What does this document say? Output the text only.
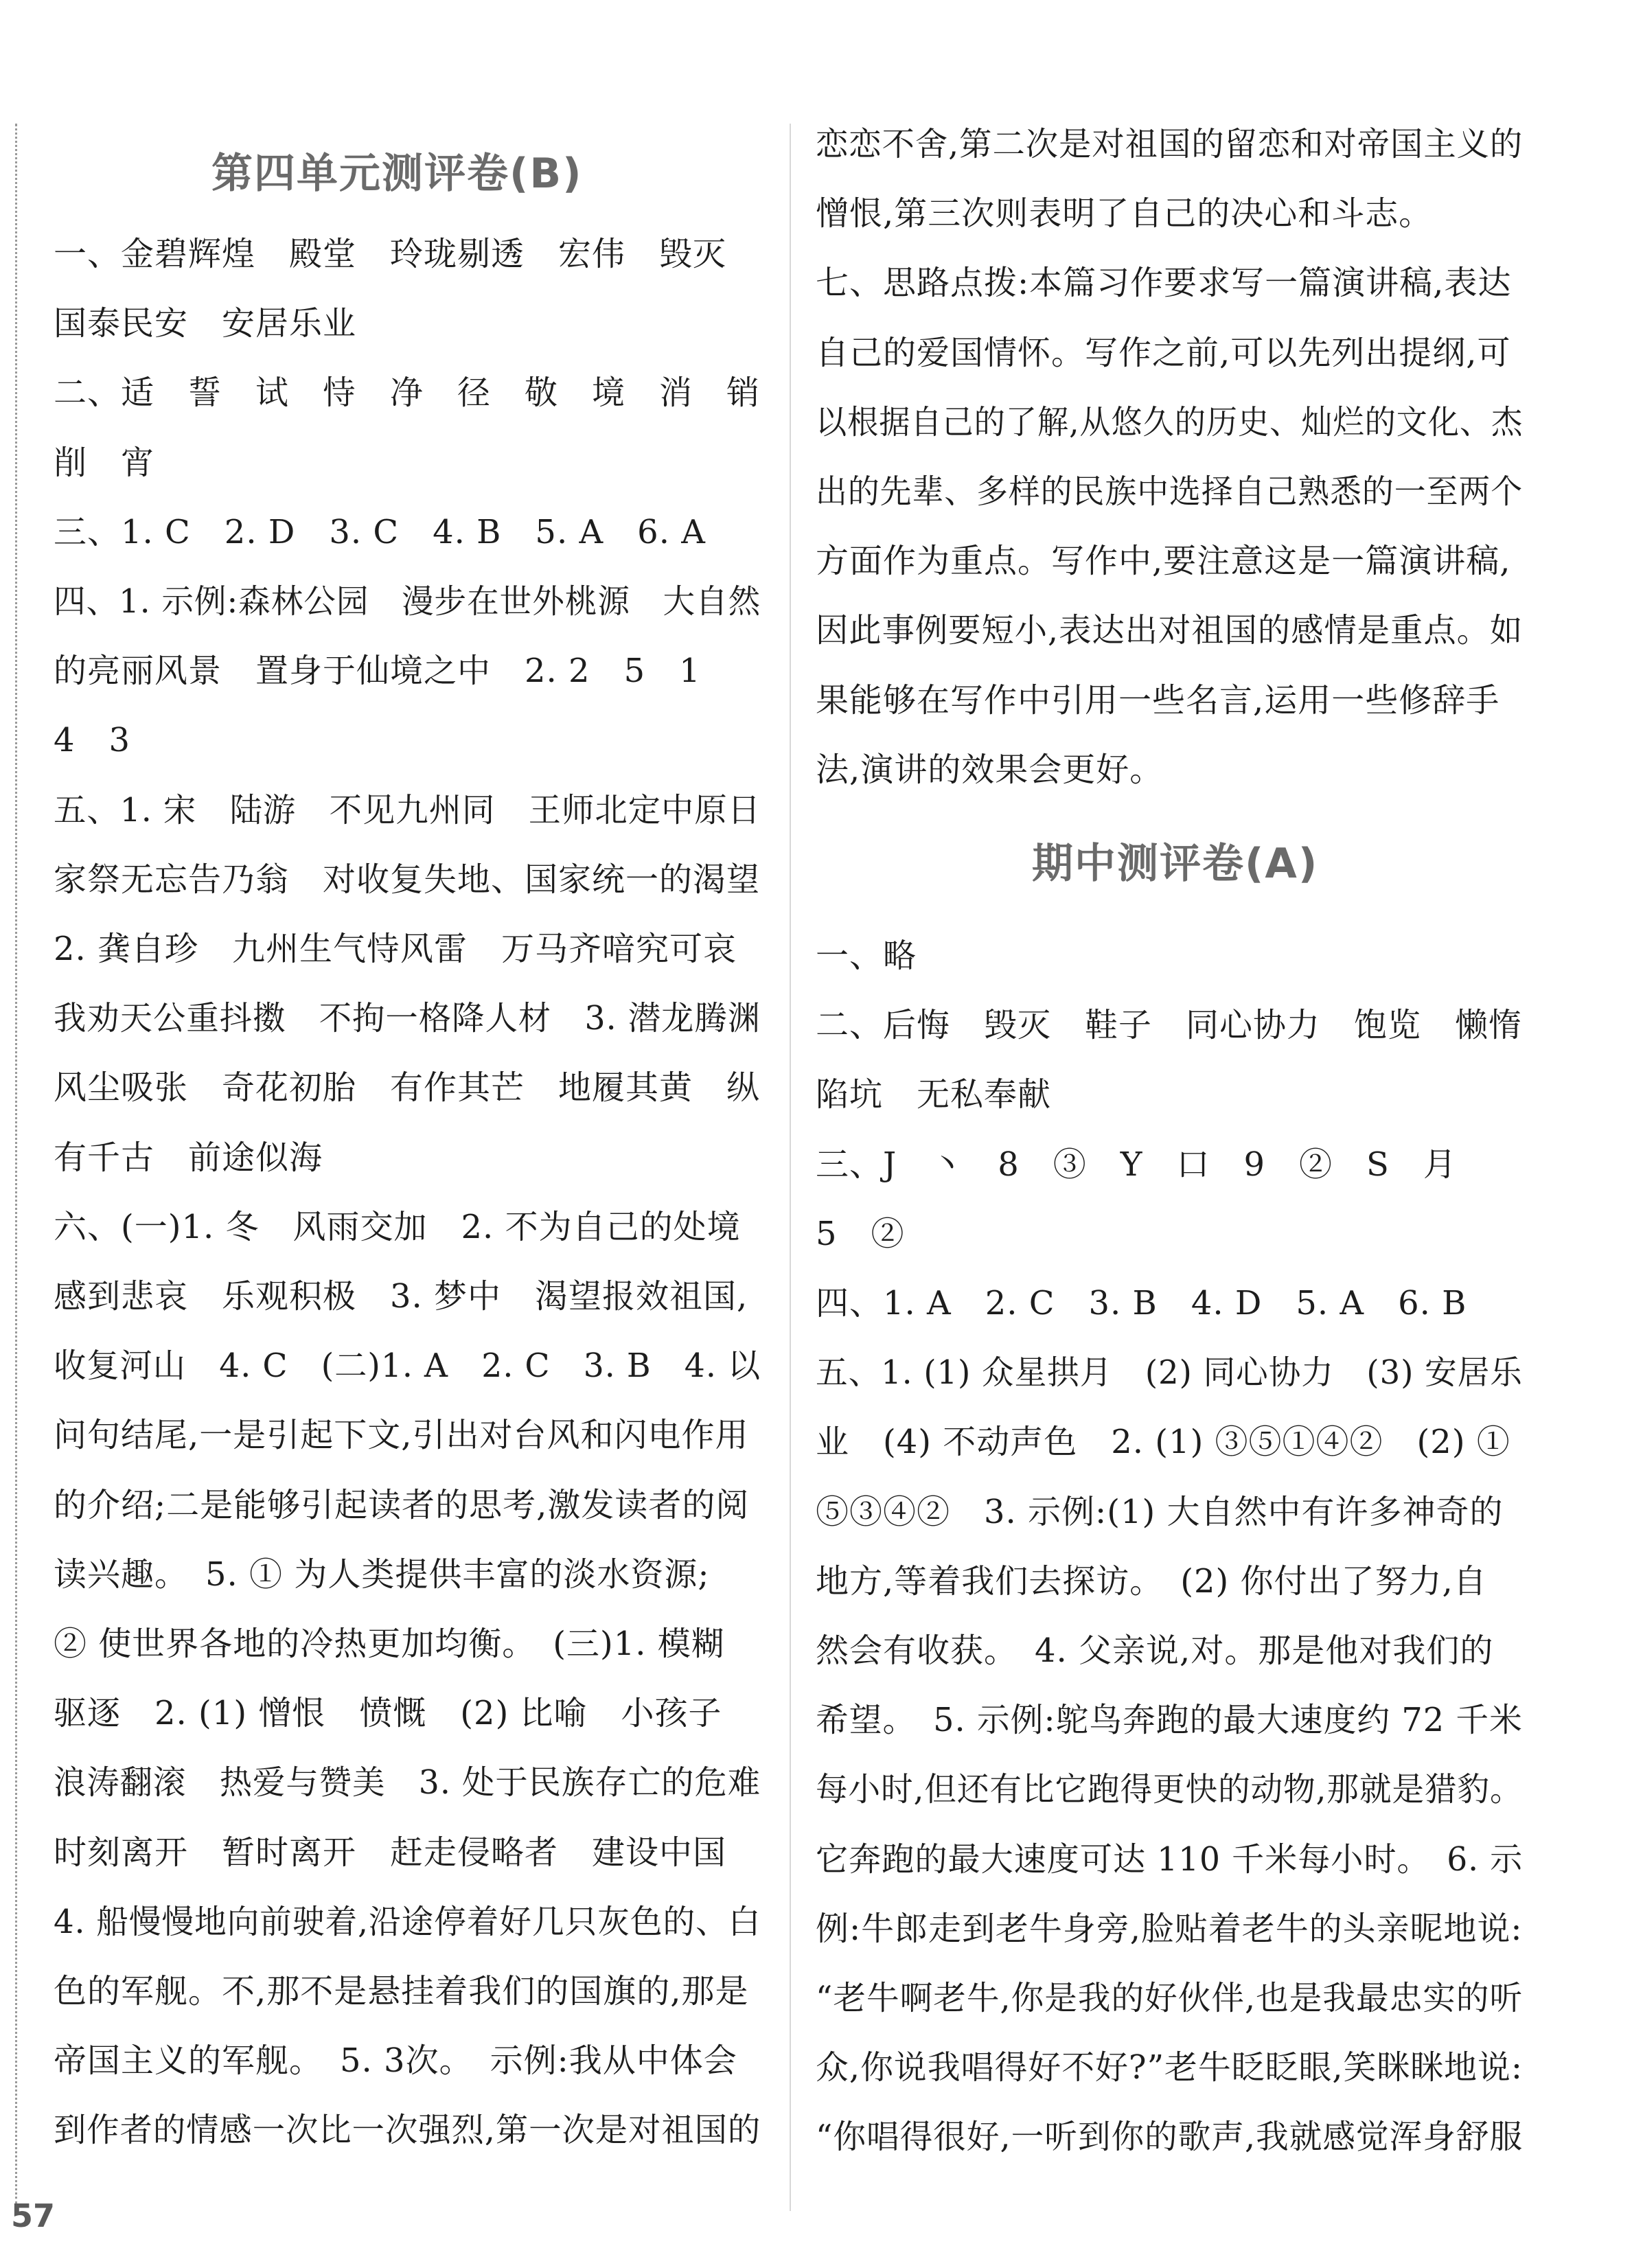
第四单元测评卷(B)
一、金碧辉煌　殿堂　玲珑剔透　宏伟　毁灭
国泰民安　安居乐业
二、适　誓　试　恃　净　径　敬　境　消　销
削　宵
三、1. C　2. D　3. C　4. B　5. A　6. A
四、1. 示例:森林公园　漫步在世外桃源　大自然
的亮丽风景　置身于仙境之中　2. 2　5　1
4　3
五、1. 宋　陆游　不见九州同　王师北定中原日
家祭无忘告乃翁　对收复失地、国家统一的渴望
2. 龚自珍　九州生气恃风雷　万马齐喑究可哀
我劝天公重抖擞　不拘一格降人材　3. 潜龙腾渊
风尘吸张　奇花初胎　有作其芒　地履其黄　纵
有千古　前途似海
六、(一)1. 冬　风雨交加　2. 不为自己的处境
感到悲哀　乐观积极　3. 梦中　渴望报效祖国,
收复河山　4. C　(二)1. A　2. C　3. B　4. 以
问句结尾,一是引起下文,引出对台风和闪电作用
的介绍;二是能够引起读者的思考,激发读者的阅
读兴趣。　5. ① 为人类提供丰富的淡水资源;
② 使世界各地的冷热更加均衡。　(三)1. 模糊
驱逐　2. (1) 憎恨　愤慨　(2) 比喻　小孩子
浪涛翻滚　热爱与赞美　3. 处于民族存亡的危难
时刻离开　暂时离开　赶走侵略者　建设中国
4. 船慢慢地向前驶着,沿途停着好几只灰色的、白
色的军舰。不,那不是悬挂着我们的国旗的,那是
帝国主义的军舰。　5. 3次。　示例:我从中体会
到作者的情感一次比一次强烈,第一次是对祖国的
期中测评卷(A)
恋恋不舍,第二次是对祖国的留恋和对帝国主义的
憎恨,第三次则表明了自己的决心和斗志。
七、思路点拨:本篇习作要求写一篇演讲稿,表达
自己的爱国情怀。写作之前,可以先列出提纲,可
以根据自己的了解,从悠久的历史、灿烂的文化、杰
出的先辈、多样的民族中选择自己熟悉的一至两个
方面作为重点。写作中,要注意这是一篇演讲稿,
因此事例要短小,表达出对祖国的感情是重点。如
果能够在写作中引用一些名言,运用一些修辞手
法,演讲的效果会更好。
一、略
二、后悔　毁灭　鞋子　同心协力　饱览　懒惰
陷坑　无私奉献
三、J　丶　8　③　Y　口　9　②　S　月
5　②
四、1. A　2. C　3. B　4. D　5. A　6. B
五、1. (1) 众星拱月　(2) 同心协力　(3) 安居乐
业　(4) 不动声色　2. (1) ③⑤①④②　(2) ①
⑤③④②　3. 示例:(1) 大自然中有许多神奇的
地方,等着我们去探访。　(2) 你付出了努力,自
然会有收获。　4. 父亲说,对。那是他对我们的
希望。　5. 示例:鸵鸟奔跑的最大速度约 72 千米
每小时,但还有比它跑得更快的动物,那就是猎豹。
它奔跑的最大速度可达 110 千米每小时。　6. 示
例:牛郎走到老牛身旁,脸贴着老牛的头亲昵地说:
“老牛啊老牛,你是我的好伙伴,也是我最忠实的听
众,你说我唱得好不好?”老牛眨眨眼,笑眯眯地说:
“你唱得很好,一听到你的歌声,我就感觉浑身舒服
57
